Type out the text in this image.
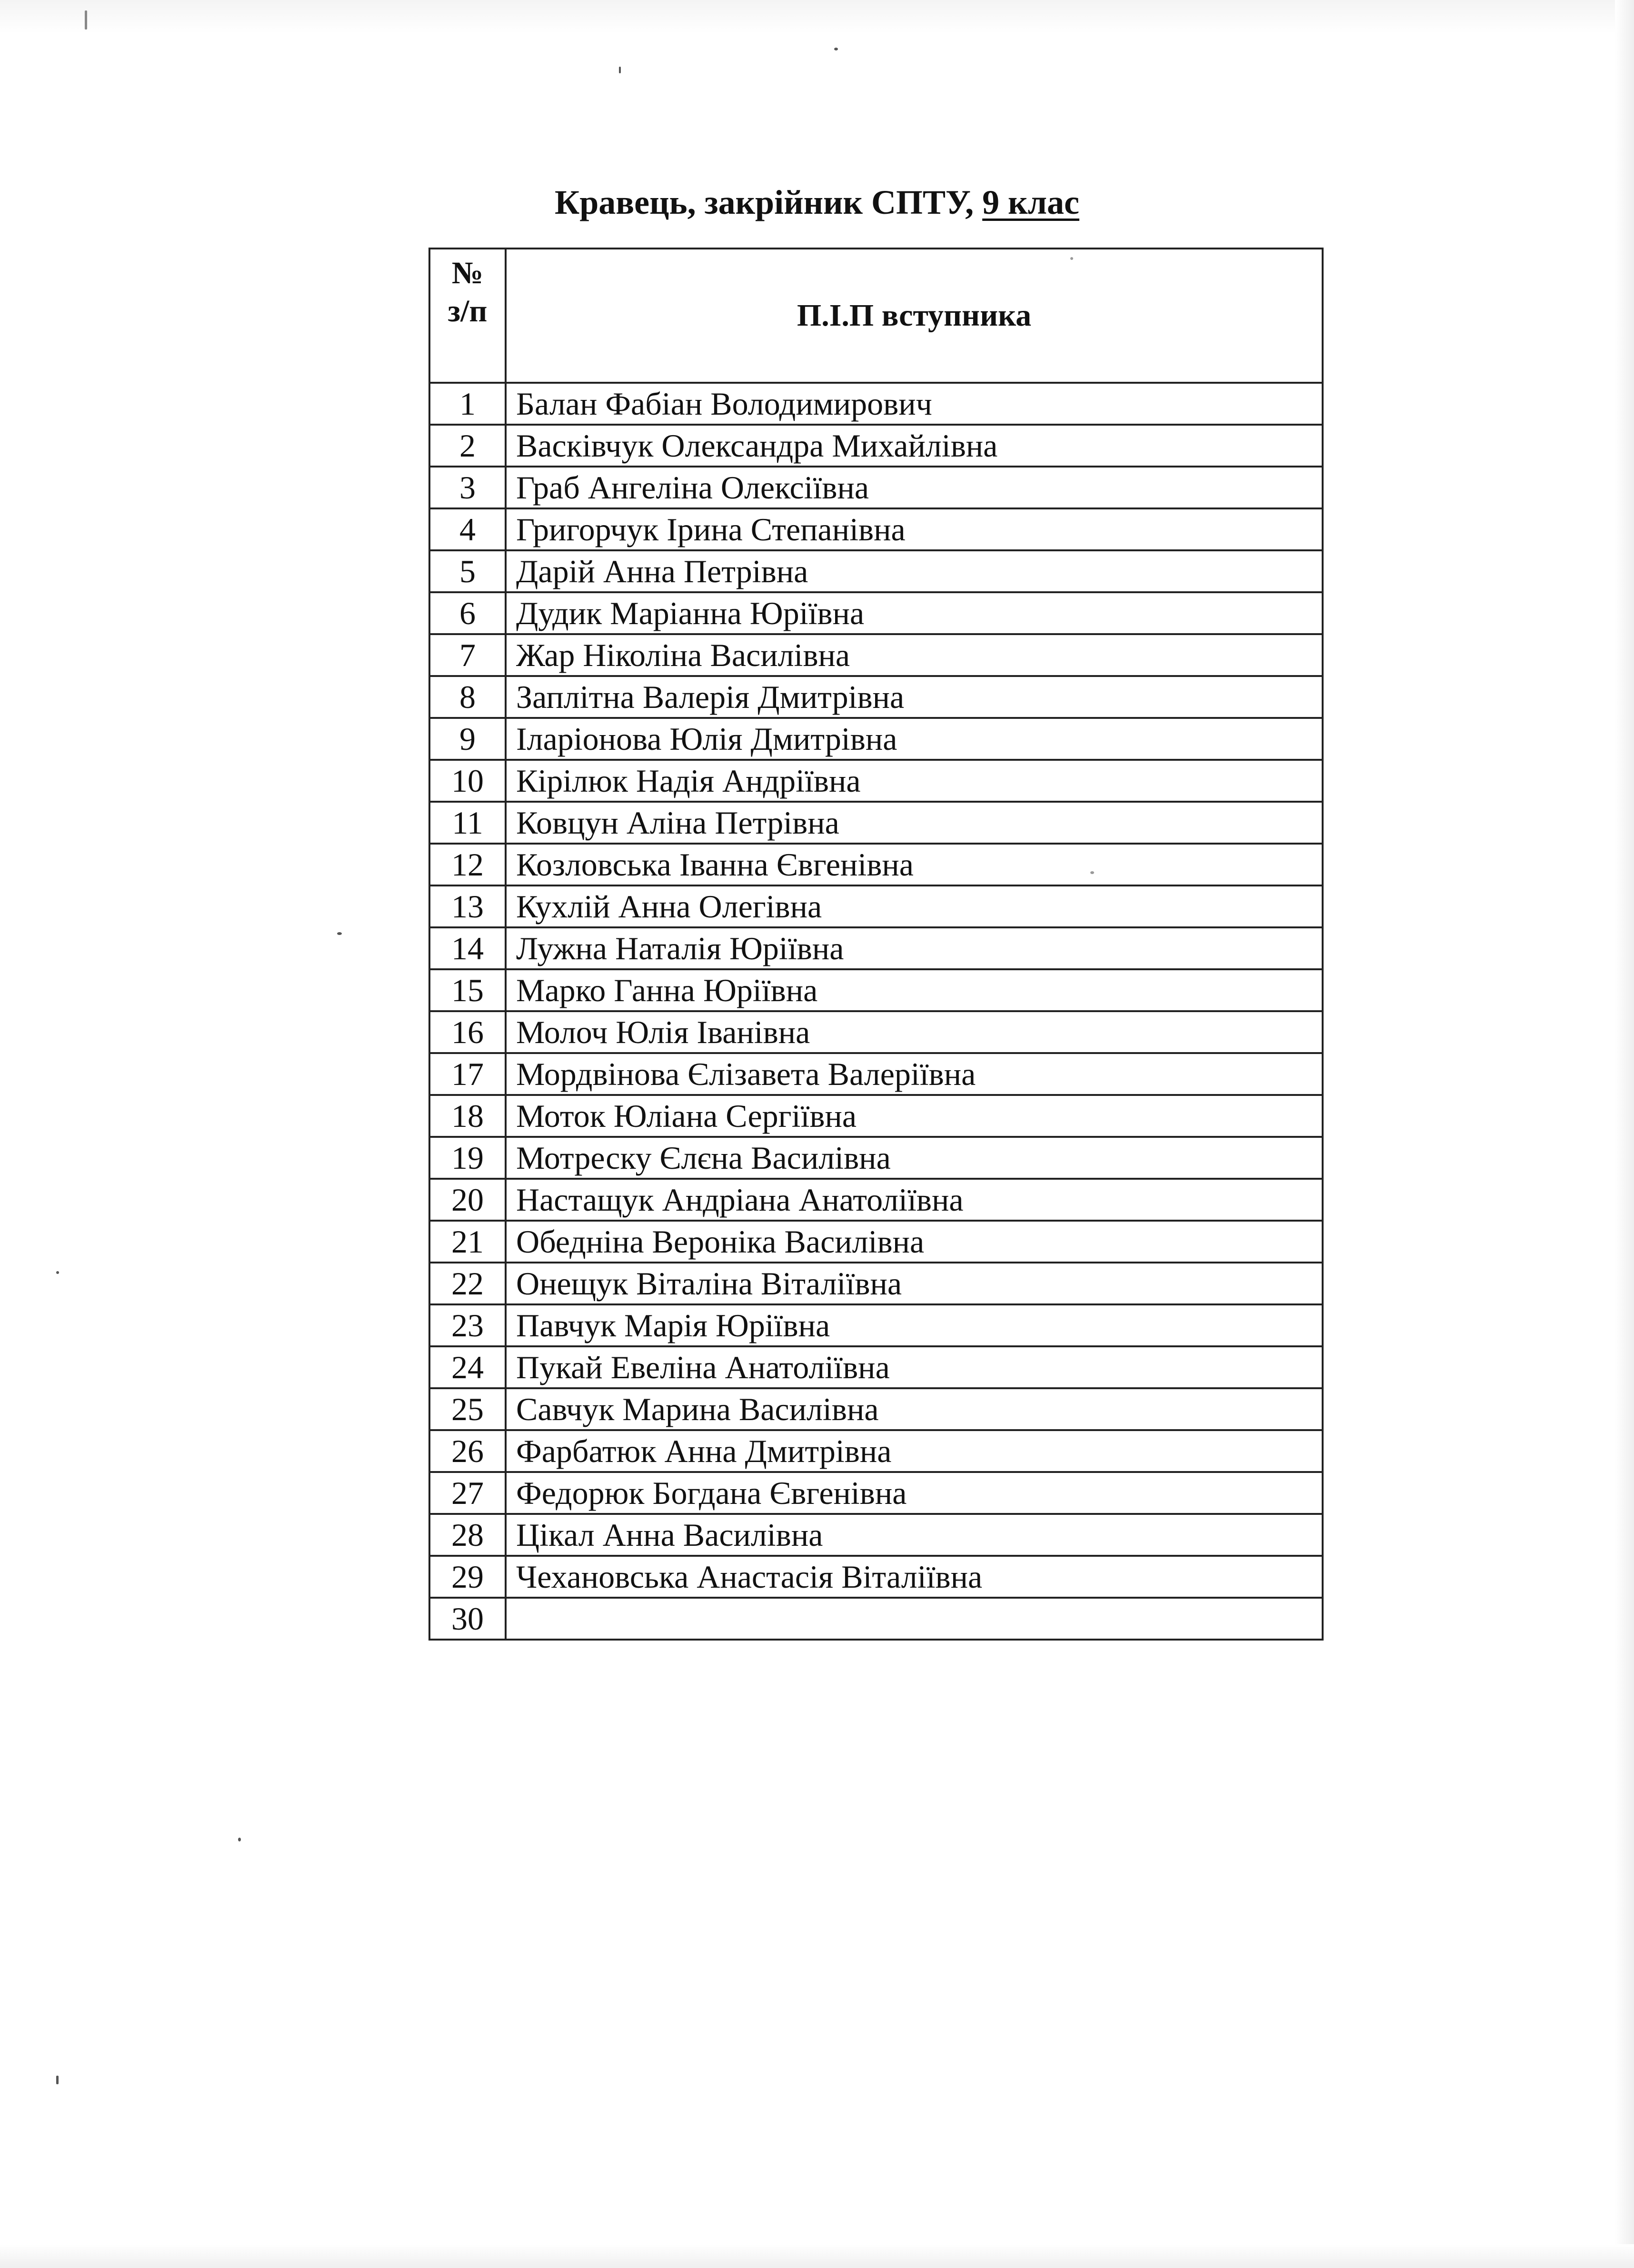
Кравець, закрійник СПТУ, 9 клас
№
з/п	П.І.П вступника
1	Балан Фабіан Володимирович
2	Васківчук Олександра Михайлівна
3	Граб Ангеліна Олексіївна
4	Григорчук Ірина Степанівна
5	Дарій Анна Петрівна
6	Дудик Маріанна Юріївна
7	Жар Ніколіна Василівна
8	Заплітна Валерія Дмитрівна
9	Іларіонова Юлія Дмитрівна
10	Кірілюк Надія Андріївна
11	Ковцун Аліна Петрівна
12	Козловська Іванна Євгенівна
13	Кухлій Анна Олегівна
14	Лужна Наталія Юріївна
15	Марко Ганна Юріївна
16	Молоч Юлія Іванівна
17	Мордвінова Єлізавета Валеріївна
18	Моток Юліана Сергіївна
19	Мотреску Єлєна Василівна
20	Настащук Андріана Анатоліївна
21	Обедніна Вероніка Василівна
22	Онещук Віталіна Віталіївна
23	Павчук Марія Юріївна
24	Пукай Евеліна Анатоліївна
25	Савчук Марина Василівна
26	Фарбатюк Анна Дмитрівна
27	Федорюк Богдана Євгенівна
28	Цікал Анна Василівна
29	Чехановська Анастасія Віталіївна
30	
